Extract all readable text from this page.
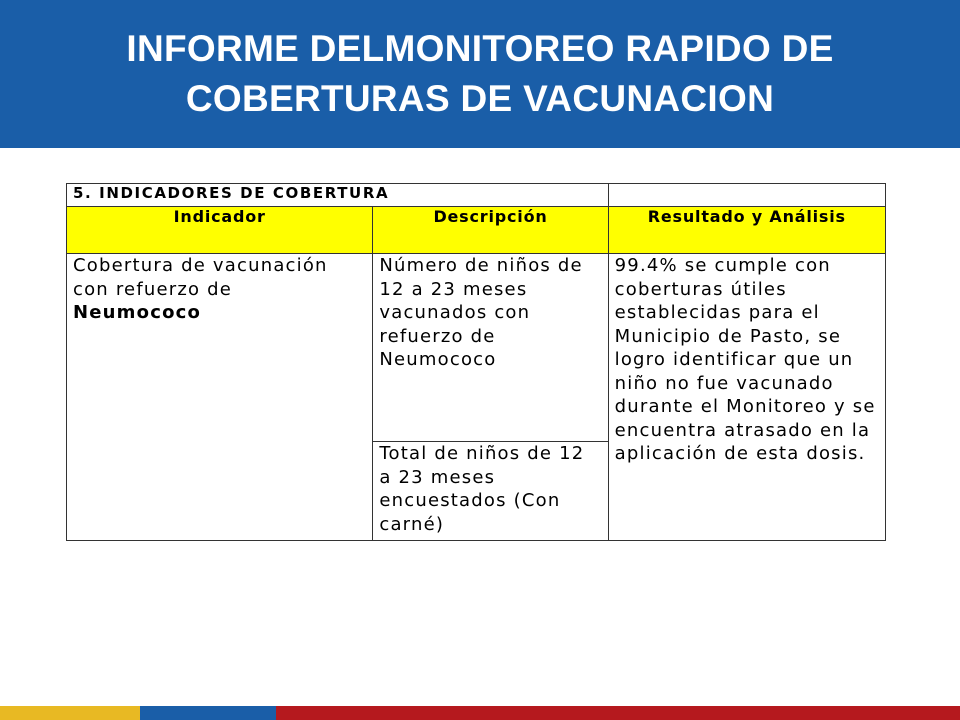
INFORME DELMONITOREO RAPIDO DE
COBERTURAS DE VACUNACION
5. INDICADORES DE COBERTURA		
Indicador	Descripción	Resultado y Análisis
Cobertura de vacunación con refuerzo de Neumococo	Número de niños de 12 a 23 meses vacunados con refuerzo de Neumococo	99.4% se cumple con coberturas útiles establecidas para el Municipio de Pasto, se logro identificar que un niño no fue vacunado durante el Monitoreo y se encuentra atrasado en la aplicación de esta dosis.
	Total de niños de 12 a 23 meses encuestados (Con carné)	
